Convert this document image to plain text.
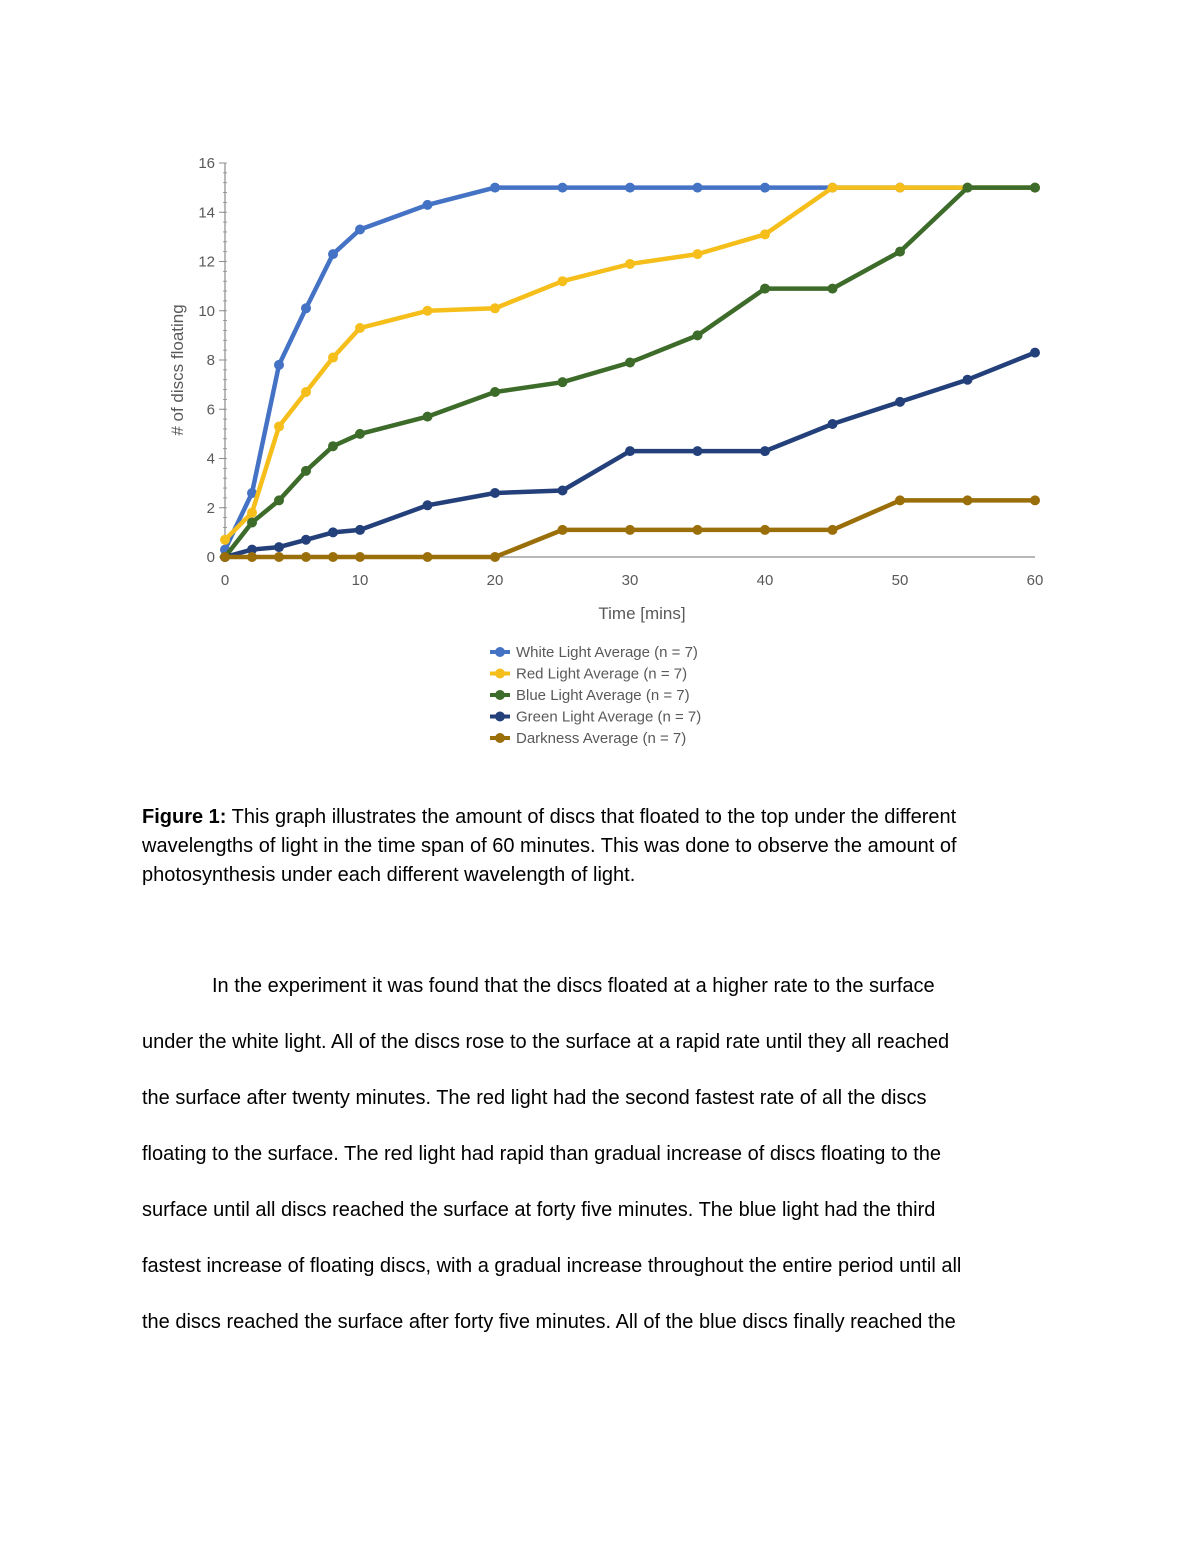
0
2
4
6
8
10
12
14
16
0	10	20	30	40	50	60
Time [mins]
# of discs floating
White Light Average (n = 7)
Red Light Average (n = 7)
Blue Light Average (n = 7)
Green Light Average (n = 7)
Darkness Average (n = 7)
Figure 1: This graph illustrates the amount of discs that floated to the top under the different wavelengths of light in the time span of 60 minutes. This was done to observe the amount of photosynthesis under each different wavelength of light.
In the experiment it was found that the discs floated at a higher rate to the surface
under the white light. All of the discs rose to the surface at a rapid rate until they all reached
the surface after twenty minutes. The red light had the second fastest rate of all the discs
floating to the surface. The red light had rapid than gradual increase of discs floating to the
surface until all discs reached the surface at forty five minutes. The blue light had the third
fastest increase of floating discs, with a gradual increase throughout the entire period until all
the discs reached the surface after forty five minutes. All of the blue discs finally reached the
